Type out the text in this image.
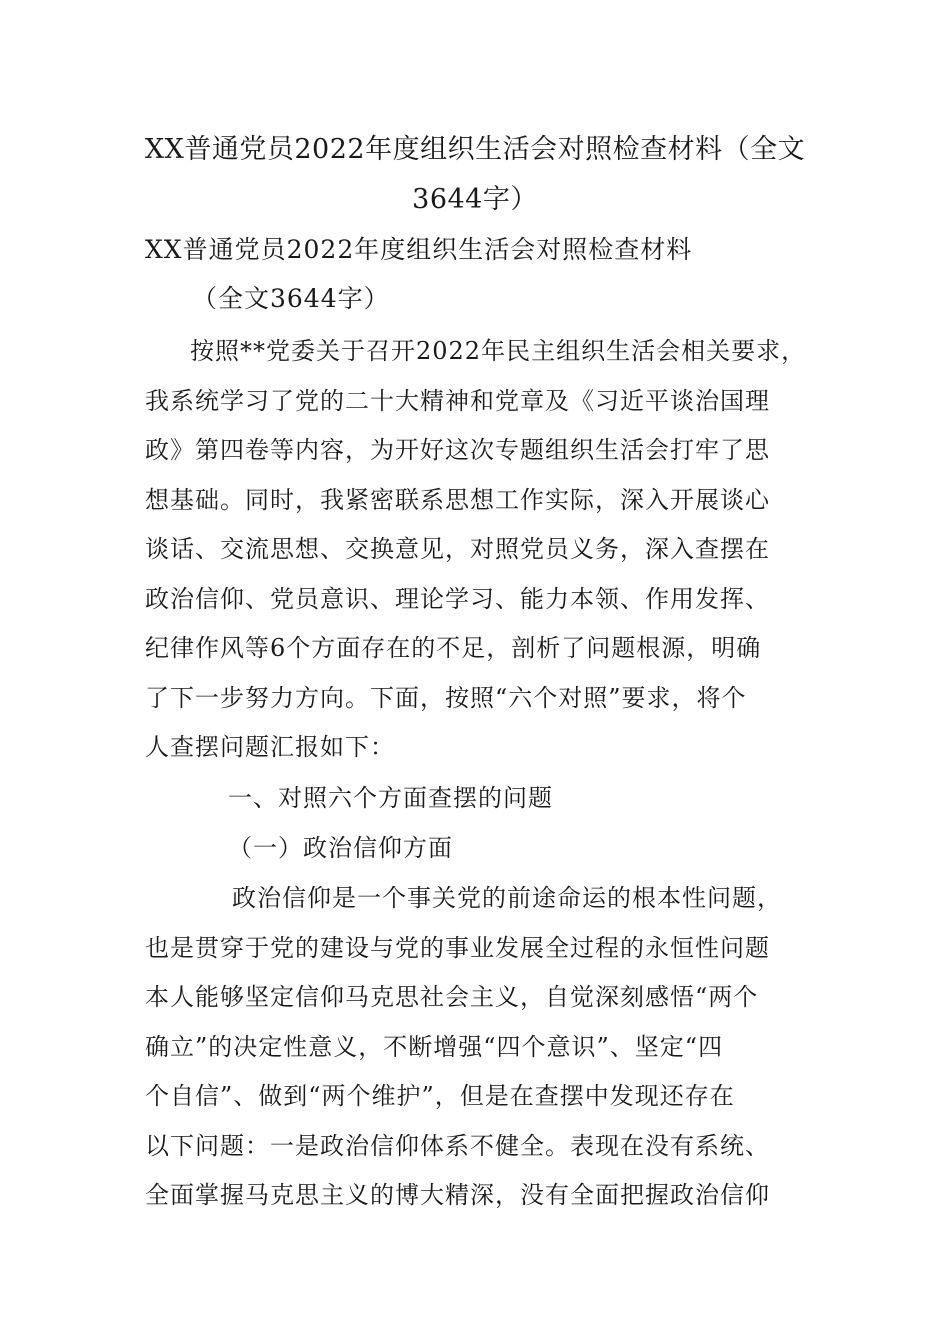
XX普通党员2022年度组织生活会对照检查材料（全文3644字）
XX普通党员2022年度组织生活会对照检查材料
（全文3644字）
按照**党委关于召开2022年民主组织生活会相关要求，
我系统学习了党的二十大精神和党章及《习近平谈治国理
政》第四卷等内容，为开好这次专题组织生活会打牢了思
想基础。同时，我紧密联系思想工作实际，深入开展谈心
谈话、交流思想、交换意见，对照党员义务，深入查摆在
政治信仰、党员意识、理论学习、能力本领、作用发挥、
纪律作风等6个方面存在的不足，剖析了问题根源，明确
了下一步努力方向。下面，按照“六个对照”要求，将个
人查摆问题汇报如下：
一、对照六个方面查摆的问题
（一）政治信仰方面
政治信仰是一个事关党的前途命运的根本性问题，
也是贯穿于党的建设与党的事业发展全过程的永恒性问题
本人能够坚定信仰马克思社会主义，自觉深刻感悟“两个
确立”的决定性意义，不断增强“四个意识”、坚定“四
个自信”、做到“两个维护”，但是在查摆中发现还存在
以下问题：一是政治信仰体系不健全。表现在没有系统、
全面掌握马克思主义的博大精深，没有全面把握政治信仰
